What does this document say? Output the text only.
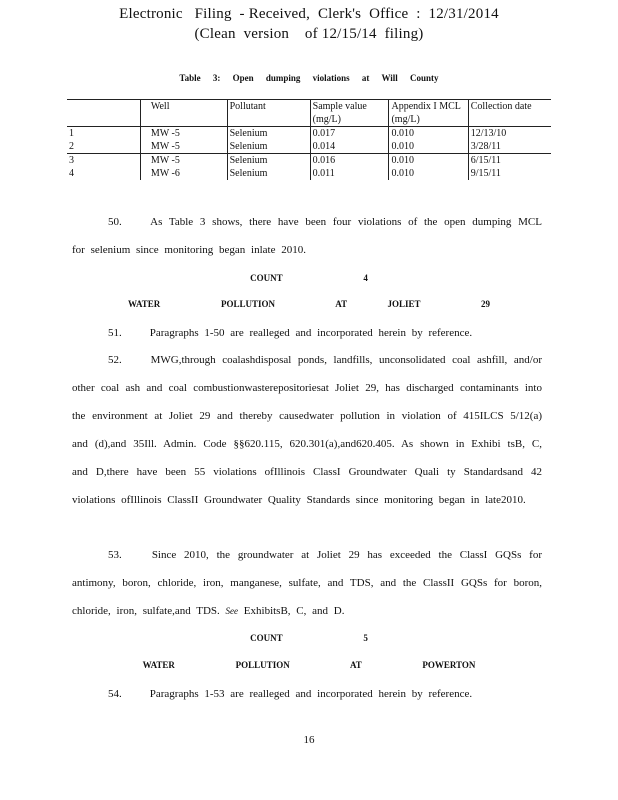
Electronic   Filing  - Received,  Clerk's  Office  :  12/31/2014
(Clean  version    of 12/15/14  filing)
Table 3: Open dumping violations at Will County
	Well	Pollutant	Sample value (mg/L)	Appendix I MCL (mg/L)	Collection date
1	MW -5	Selenium	0.017	0.010	12/13/10
2	MW -5	Selenium	0.014	0.010	3/28/11
3	MW -5	Selenium	0.016	0.010	6/15/11
4	MW -6	Selenium	0.011	0.010	9/15/11
50.	As Table 3 shows, there have been four violations of the open dumping MCL for selenium since monitoring began inlate 2010.
COUNT    4
WATER   POLLUTION   AT  JOLIET   29
51.	Paragraphs 1-50 are realleged and incorporated herein by reference.
52.	MWG,through coalashdisposal ponds, landfills, unconsolidated coal ashfill, and/or other coal ash and coal combustionwasterepositoriesat Joliet 29, has discharged contaminants into the environment at Joliet 29 and thereby causedwater pollution in violation of 415ILCS 5/12(a) and (d),and 35Ill. Admin. Code §§620.115, 620.301(a),and620.405. As shown in Exhibi tsB, C, and D,there have been 55 violations ofIllinois ClassI Groundwater Quali ty Standardsand 42 violations ofIllinois ClassII Groundwater Quality Standards since monitoring began in late2010.
53.	Since 2010, the groundwater at Joliet 29 has exceeded the ClassI GQSs for antimony, boron, chloride, iron, manganese, sulfate, and TDS, and the ClassII GQSs for boron, chloride, iron, sulfate,and TDS. See ExhibitsB, C, and D.
COUNT    5
WATER   POLLUTION   AT   POWERTON
54.	Paragraphs 1-53 are realleged and incorporated herein by reference.
16
